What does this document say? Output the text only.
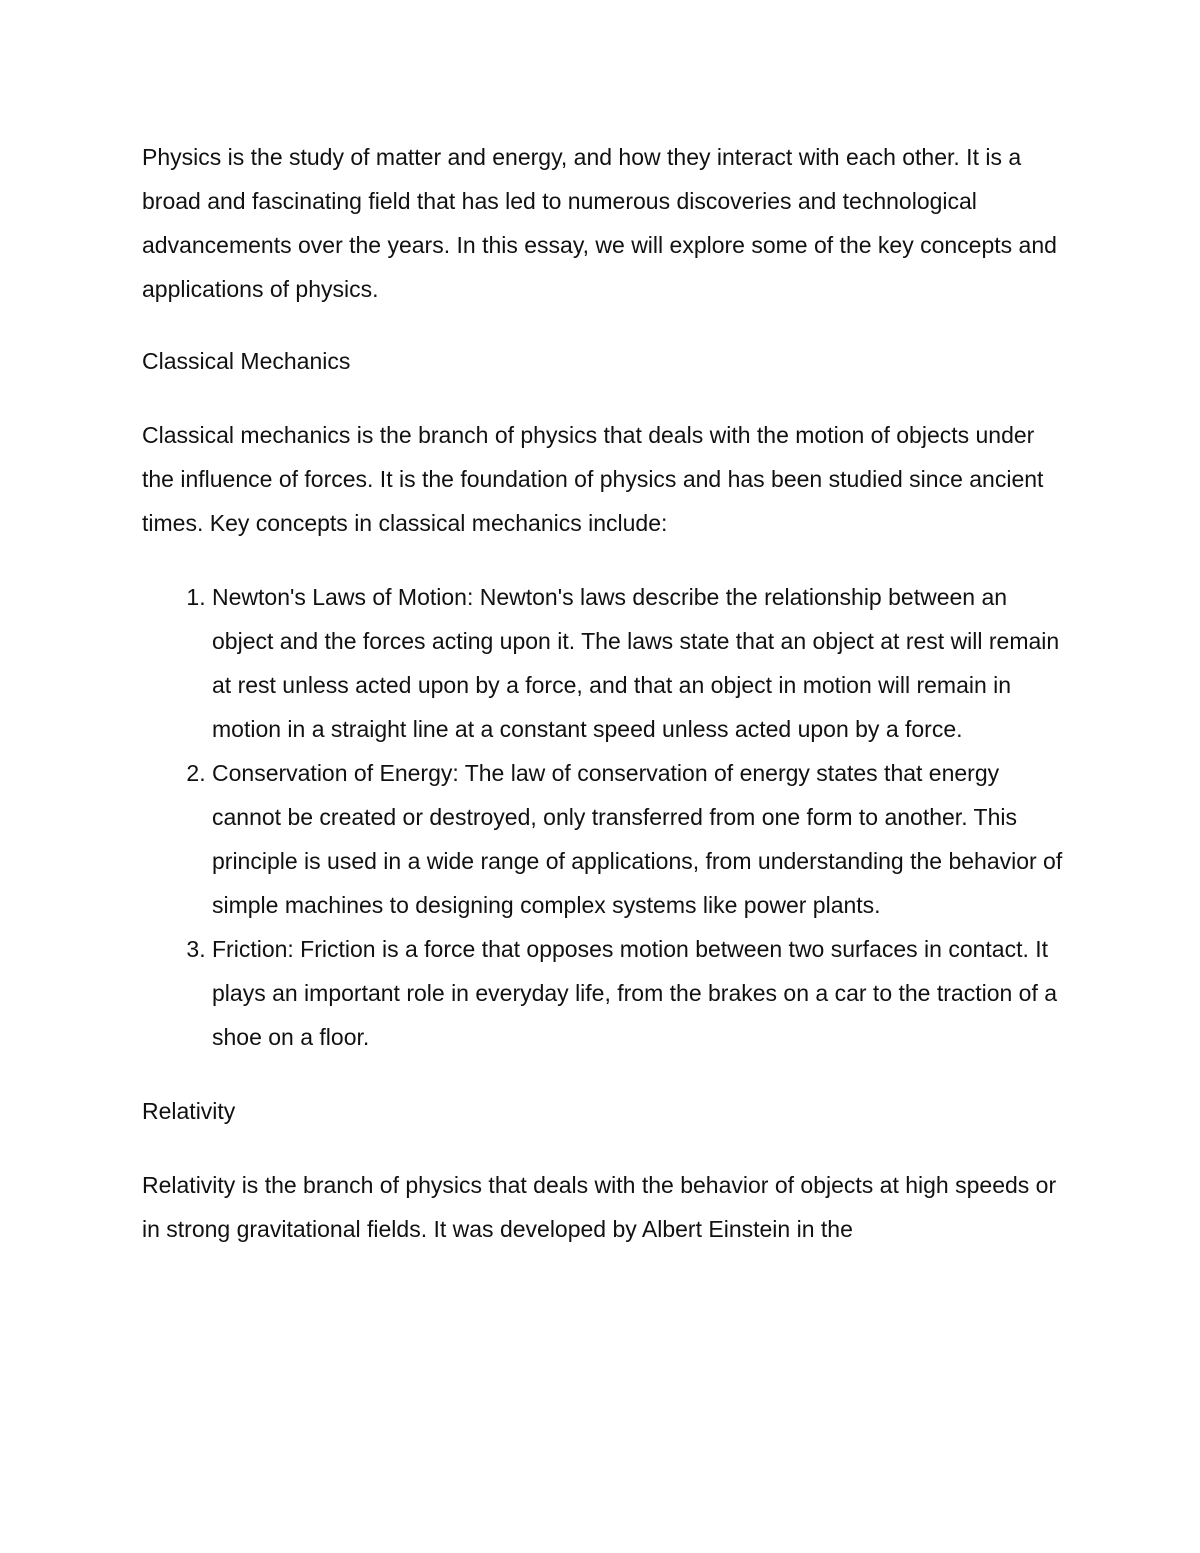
Physics is the study of matter and energy, and how they interact with each other. It is a broad and fascinating field that has led to numerous discoveries and technological advancements over the years. In this essay, we will explore some of the key concepts and applications of physics.

Classical Mechanics

Classical mechanics is the branch of physics that deals with the motion of objects under the influence of forces. It is the foundation of physics and has been studied since ancient times. Key concepts in classical mechanics include:

1. Newton's Laws of Motion: Newton's laws describe the relationship between an object and the forces acting upon it. The laws state that an object at rest will remain at rest unless acted upon by a force, and that an object in motion will remain in motion in a straight line at a constant speed unless acted upon by a force.
2. Conservation of Energy: The law of conservation of energy states that energy cannot be created or destroyed, only transferred from one form to another. This principle is used in a wide range of applications, from understanding the behavior of simple machines to designing complex systems like power plants.
3. Friction: Friction is a force that opposes motion between two surfaces in contact. It plays an important role in everyday life, from the brakes on a car to the traction of a shoe on a floor.

Relativity

Relativity is the branch of physics that deals with the behavior of objects at high speeds or in strong gravitational fields. It was developed by Albert Einstein in the
